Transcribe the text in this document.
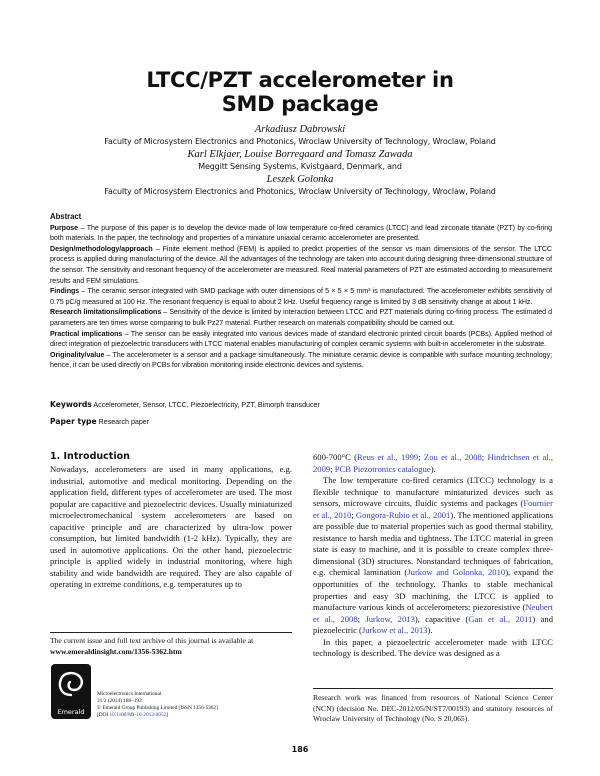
LTCC/PZT accelerometer in
SMD package
Arkadiusz Dabrowski
Faculty of Microsystem Electronics and Photonics, Wroclaw University of Technology, Wroclaw, Poland
Karl Elkjaer, Louise Borregaard and Tomasz Zawada
Meggitt Sensing Systems, Kvistgaard, Denmark, and
Leszek Golonka
Faculty of Microsystem Electronics and Photonics, Wroclaw University of Technology, Wroclaw, Poland
Abstract

Purpose – The purpose of this paper is to develop the device made of low temperature co-fired ceramics (LTCC) and lead zirconate titanate (PZT) by co-firing both materials. In the paper, the technology and properties of a miniature uniaxial ceramic accelerometer are presented.

Design/methodology/approach – Finite element method (FEM) is applied to predict properties of the sensor vs main dimensions of the sensor. The LTCC process is applied during manufacturing of the device. All the advantages of the technology are taken into account during designing three-dimensional structure of the sensor. The sensitivity and resonant frequency of the accelerometer are measured. Real material parameters of PZT are estimated according to measurement results and FEM simulations.

Findings – The ceramic sensor integrated with SMD package with outer dimensions of 5 × 5 × 5 mm³ is manufactured. The accelerometer exhibits sensitivity of 0.75 pC/g measured at 100 Hz. The resonant frequency is equal to about 2 kHz. Useful frequency range is limited by 3 dB sensitivity change at about 1 kHz.

Research limitations/implications – Sensitivity of the device is limited by interaction between LTCC and PZT materials during co-firing process. The estimated d parameters are ten times worse comparing to bulk Pz27 material. Further research on materials compatibility should be carried out.

Practical implications – The sensor can be easily integrated into various devices made of standard electronic printed circuit boards (PCBs). Applied method of direct integration of piezoelectric transducers with LTCC material enables manufacturing of complex ceramic systems with built-in accelerometer in the substrate.

Originality/value – The accelerometer is a sensor and a package simultaneously. The miniature ceramic device is compatible with surface mounting technology; hence, it can be used directly on PCBs for vibration monitoring inside electronic devices and systems.

Keywords Accelerometer, Sensor, LTCC, Piezoelectricity, PZT, Bimorph transducer
Paper type Research paper
1. Introduction

Nowadays, accelerometers are used in many applications, e.g. industrial, automotive and medical monitoring. Depending on the application field, different types of accelerometer are used. The most popular are capacitive and piezoelectric devices. Usually miniaturized microelectromechanical system accelerometers are based on capacitive principle and are characterized by ultra-low power consumption, but limited bandwidth (1-2 kHz). Typically, they are used in automotive applications. On the other hand, piezoelectric principle is applied widely in industrial monitoring, where high stability and wide bandwidth are required. They are also capable of operating in extreme conditions, e.g. temperatures up to

600-700°C (Reus et al., 1999; Zou et al., 2008; Hindrichsen et al., 2009; PCB Piezotronics catalogue).

The low temperature co-fired ceramics (LTCC) technology is a flexible technique to manufacture miniaturized devices such as sensors, microwave circuits, fluidic systems and packages (Fournier et al., 2010; Gongora-Rubio et al., 2001). The mentioned applications are possible due to material properties such as good thermal stability, resistance to harsh media and tightness. The LTCC material in green state is easy to machine, and it is possible to create complex three-dimensional (3D) structures. Nonstandard techniques of fabrication, e.g. chemical lamination (Jurkow and Golonka, 2010), expand the opportunities of the technology. Thanks to stable mechanical properties and easy 3D machining, the LTCC is applied to manufacture various kinds of accelerometers: piezoresistive (Neubert et al., 2008; Jurkow, 2013), capacitive (Gan et al., 2011) and piezoelectric (Jurkow et al., 2013).

In this paper, a piezoelectric accelerometer made with LTCC technology is described. The device was designed as a

The current issue and full text archive of this journal is available at
www.emeraldinsight.com/1356-5362.htm
Emerald
Microelectronics International
31/3 (2014) 186–192
© Emerald Group Publishing Limited [ISSN 1356-5362]
[DOI 10.1108/MI-10-2013-0052]
Research work was financed from resources of National Science Center (NCN) (decision No. DEC-2012/05/N/ST7/00193) and statutory resources of Wroclaw University of Technology (No. S 20,065).
186
